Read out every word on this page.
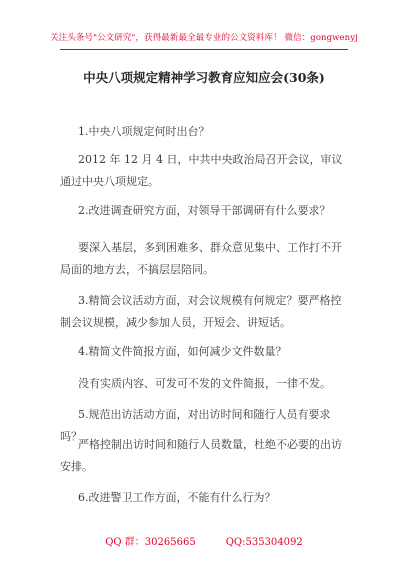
关注头条号"公文研究"，获得最新最全最专业的公文资料库！ 微信：gongwenyj
中央八项规定精神学习教育应知应会(30条)

1.中央八项规定何时出台？

2012 年 12 月 4 日，中共中央政治局召开会议，审议通过中央八项规定。

2.改进调查研究方面，对领导干部调研有什么要求？

要深入基层，多到困难多、群众意见集中、工作打不开局面的地方去，不搞层层陪同。

3.精简会议活动方面，对会议规模有何规定？要严格控制会议规模，减少参加人员，开短会、讲短话。

4.精简文件简报方面，如何减少文件数量？

没有实质内容、可发可不发的文件简报，一律不发。

5.规范出访活动方面，对出访时间和随行人员有要求吗？

严格控制出访时间和随行人员数量，杜绝不必要的出访安排。

6.改进警卫工作方面，不能有什么行为？

QQ 群：30265665	QQ:535304092
